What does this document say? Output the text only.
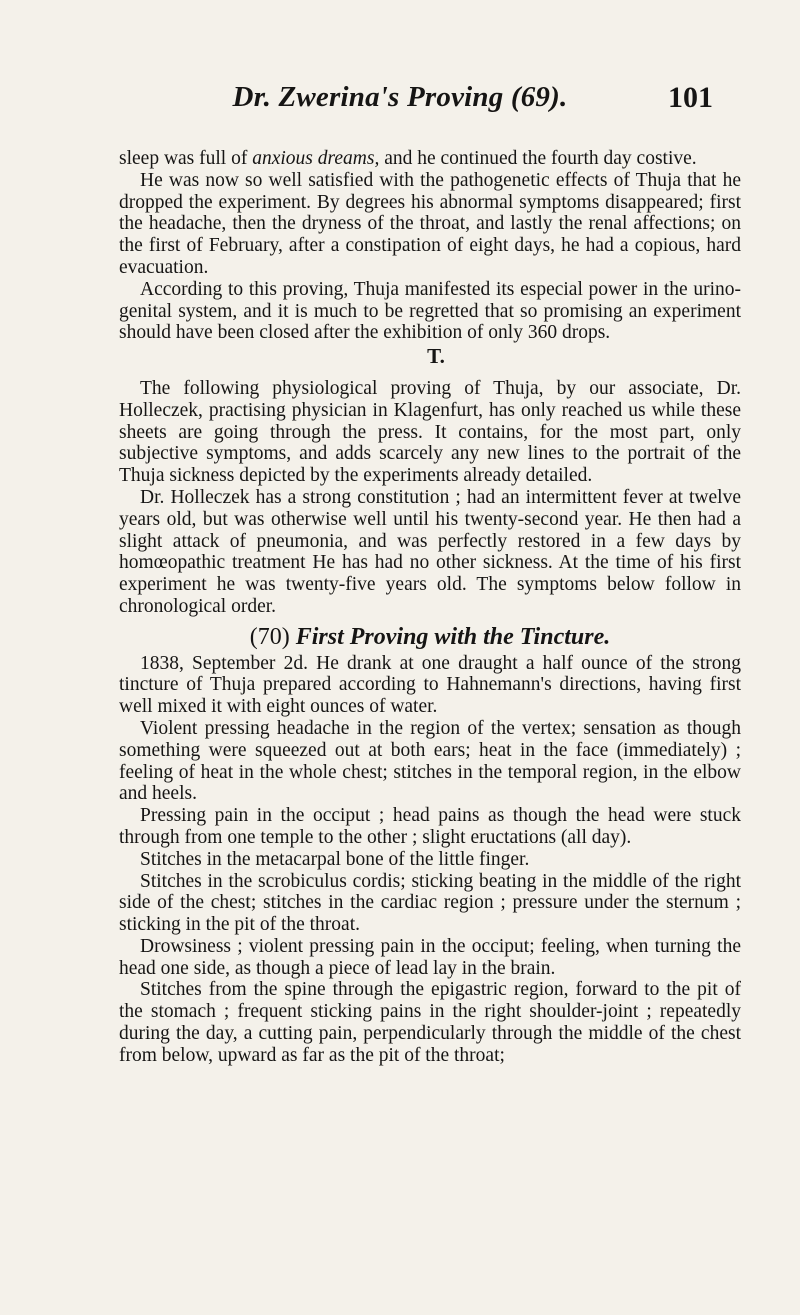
Dr. Zwerina's Proving (69).	101

sleep was full of anxious dreams, and he continued the fourth day costive.

He was now so well satisfied with the pathogenetic effects of Thuja that he dropped the experiment. By degrees his abnormal symptoms disappeared; first the headache, then the dryness of the throat, and lastly the renal affections; on the first of February, after a constipation of eight days, he had a copious, hard evacuation.

According to this proving, Thuja manifested its especial power in the urino-genital system, and it is much to be regretted that so promising an experiment should have been closed after the exhibition of only 360 drops.

T.

The following physiological proving of Thuja, by our associate, Dr. Holleczek, practising physician in Klagenfurt, has only reached us while these sheets are going through the press. It contains, for the most part, only subjective symptoms, and adds scarcely any new lines to the portrait of the Thuja sickness depicted by the experiments already detailed.

Dr. Holleczek has a strong constitution ; had an intermittent fever at twelve years old, but was otherwise well until his twenty-second year. He then had a slight attack of pneumonia, and was perfectly restored in a few days by homœopathic treatment He has had no other sickness. At the time of his first experiment he was twenty-five years old. The symptoms below follow in chronological order.

(70) First Proving with the Tincture.

1838, September 2d. He drank at one draught a half ounce of the strong tincture of Thuja prepared according to Hahnemann's directions, having first well mixed it with eight ounces of water.

Violent pressing headache in the region of the vertex; sensation as though something were squeezed out at both ears; heat in the face (immediately) ; feeling of heat in the whole chest; stitches in the temporal region, in the elbow and heels.

Pressing pain in the occiput ; head pains as though the head were stuck through from one temple to the other ; slight eructations (all day).

Stitches in the metacarpal bone of the little finger.

Stitches in the scrobiculus cordis; sticking beating in the middle of the right side of the chest; stitches in the cardiac region ; pressure under the sternum ; sticking in the pit of the throat.

Drowsiness ; violent pressing pain in the occiput; feeling, when turning the head one side, as though a piece of lead lay in the brain.

Stitches from the spine through the epigastric region, forward to the pit of the stomach ; frequent sticking pains in the right shoulder-joint ; repeatedly during the day, a cutting pain, perpendicularly through the middle of the chest from below, upward as far as the pit of the throat;
